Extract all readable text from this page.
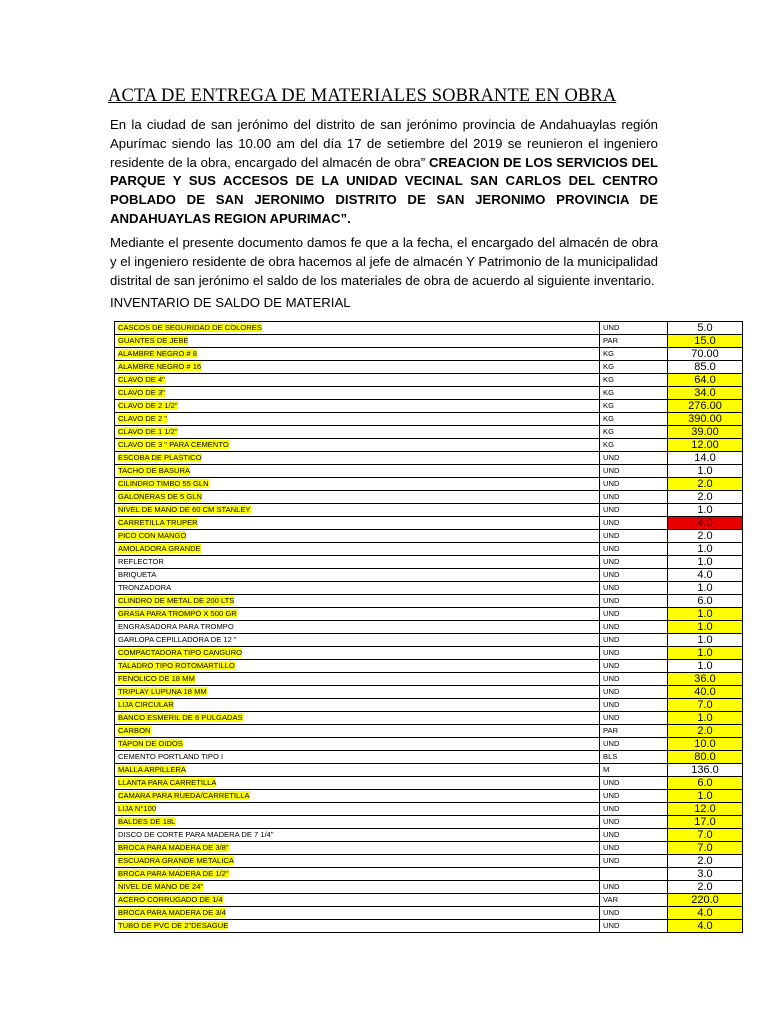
ACTA DE ENTREGA DE MATERIALES SOBRANTE EN OBRA
En la ciudad de san jerónimo del distrito de san jerónimo provincia de Andahuaylas región Apurímac siendo las 10.00 am del día 17 de setiembre del 2019 se reunieron el ingeniero residente de la obra, encargado del almacén de obra” CREACION DE LOS SERVICIOS DEL PARQUE Y SUS ACCESOS DE LA UNIDAD VECINAL SAN CARLOS DEL CENTRO POBLADO DE SAN JERONIMO DISTRITO DE SAN JERONIMO PROVINCIA DE ANDAHUAYLAS REGION APURIMAC”.
Mediante el presente documento damos fe que a la fecha, el encargado del almacén de obra y el ingeniero residente de obra hacemos al jefe de almacén Y Patrimonio de la municipalidad distrital de san jerónimo el saldo de los materiales de obra de acuerdo al siguiente inventario.
INVENTARIO DE SALDO DE MATERIAL
CASCOS DE SEGURIDAD DE COLORES	UND	5.0
GUANTES DE JEBE	PAR	15.0
ALAMBRE NEGRO # 8	KG	70.00
ALAMBRE NEGRO # 16	KG	85.0
CLAVO DE 4"	KG	64.0
CLAVO DE 3"	KG	34.0
CLAVO DE 2 1/2"	KG	276.00
CLAVO DE 2 "	KG	390.00
CLAVO DE 1 1/2"	KG	39.00
CLAVO DE 3 " PARA CEMENTO	KG	12.00
ESCOBA DE PLASTICO	UND	14.0
TACHO DE BASURA	UND	1.0
CILINDRO TIMBO 55 GLN	UND	2.0
GALONERAS DE 5 GLN	UND	2.0
NIVEL DE MANO DE 60 CM STANLEY	UND	1.0
CARRETILLA TRUPER	UND	4.0
PICO CON MANGO	UND	2.0
AMOLADORA GRANDE	UND	1.0
REFLECTOR	UND	1.0
BRIQUETA	UND	4.0
TRONZADORA	UND	1.0
CLINDRO DE METAL DE 200 LTS	UND	6.0
GRASA PARA TROMPO X 500 GR	UND	1.0
ENGRASADORA PARA TROMPO	UND	1.0
GARLOPA CEPILLADORA DE 12 "	UND	1.0
COMPACTADORA TIPO CANGURO	UND	1.0
TALADRO TIPO ROTOMARTILLO	UND	1.0
FENOLICO DE 18 MM	UND	36.0
TRIPLAY LUPUNA 18 MM	UND	40.0
LIJA CIRCULAR	UND	7.0
BANCO ESMERIL DE 6 PULGADAS	UND	1.0
CARBON	PAR	2.0
TAPON DE OIDOS	UND	10.0
CEMENTO PORTLAND TIPO I	BLS	80.0
MALLA ARPILLERA	M	136.0
LLANTA PARA CARRETILLA	UND	6.0
CAMARA PARA RUEDA/CARRETILLA	UND	1.0
LIJA N°100	UND	12.0
BALDES DE 18L	UND	17.0
DISCO DE CORTE PARA MADERA DE 7 1/4"	UND	7.0
BROCA PARA MADERA DE 3/8"	UND	7.0
ESCUADRA GRANDE METALICA	UND	2.0
BROCA PARA MADERA DE 1/2"		3.0
NIVEL DE MANO DE 24"	UND	2.0
ACERO CORRUGADO DE 1/4	VAR	220.0
BROCA PARA MADERA DE 3/4	UND	4.0
TUBO DE PVC DE 2"DESAGUE	UND	4.0
